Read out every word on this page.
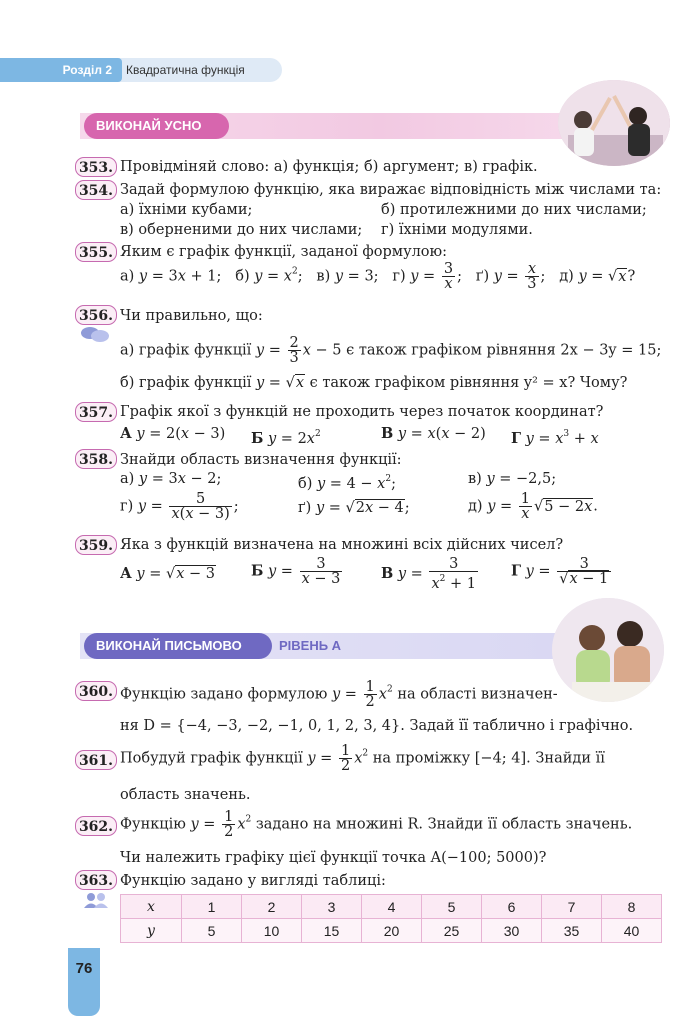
Квадратична функція
Розділ 2
ВИКОНАЙ УСНО
353. Провідміняй слово: а) функція; б) аргумент; в) графік.
354. Задай формулою функцію, яка виражає відповідність між числами та:
а) їхніми кубами;	б) протилежними до них числами;
в) оберненими до них числами; г) їхніми модулями.
355. Яким є графік функції, заданої формулою:
а) y = 3x + 1;   б) $y = x^2$;   в) y = 3;   г) $y = \frac{3}{x}$ ;   ґ) $y = \frac{x}{3}$ ;   д) y = √x?
356. Чи правильно, що:
а) графік функції $y = \frac{2}{3}$ x − 5 є також графіком рівняння 2x − 3y = 15;
б) графік функції y = √x є також графіком рівняння y² = x? Чому?
357. Графік якої з функцій не проходить через початок координат?
А y = 2(x − 3) Б $y = 2x^2$	В y = x(x − 2) Г $y = x^3 + x$
358. Знайди область визначення функції:
а) y = 3x − 2;	б) $y = 4 - x^2$;	в) y = −2,5;
г) $y = \frac{5}{x(x - 3)}$ ;	ґ) y = √2x − 4;	д) $y = \frac{1}{x} √5 - 2x$.
359. Яка з функцій визначена на множині всіх дійсних чисел?
А y = √x − 3 Б $y = \frac{3}{x - 3}$	В $y = \frac{3}{x^2 + 1}$ Г $y = \frac{3}{√x - 1}$
ВИКОНАЙ ПИСЬМОВО	РІВЕНЬ А
360. Функцію задано формулою $y = \frac{1}{2} x^2$ на області визначен-
ня D = {−4, −3, −2, −1, 0, 1, 2, 3, 4}. Задай її таблично і графічно.
361. Побудуй графік функції $y = \frac{1}{2} x^2$ на проміжку [−4; 4]. Знайди її
область значень.
362. Функцію $y = \frac{1}{2} x^2$ задано на множині R. Знайди її область значень.
Чи належить графіку цієї функції точка A(−100; 5000)?
363. Функцію задано у вигляді таблиці:
x	1	2	3	4	5	6	7	8
y	5	10	15	20	25	30	35	40
76
